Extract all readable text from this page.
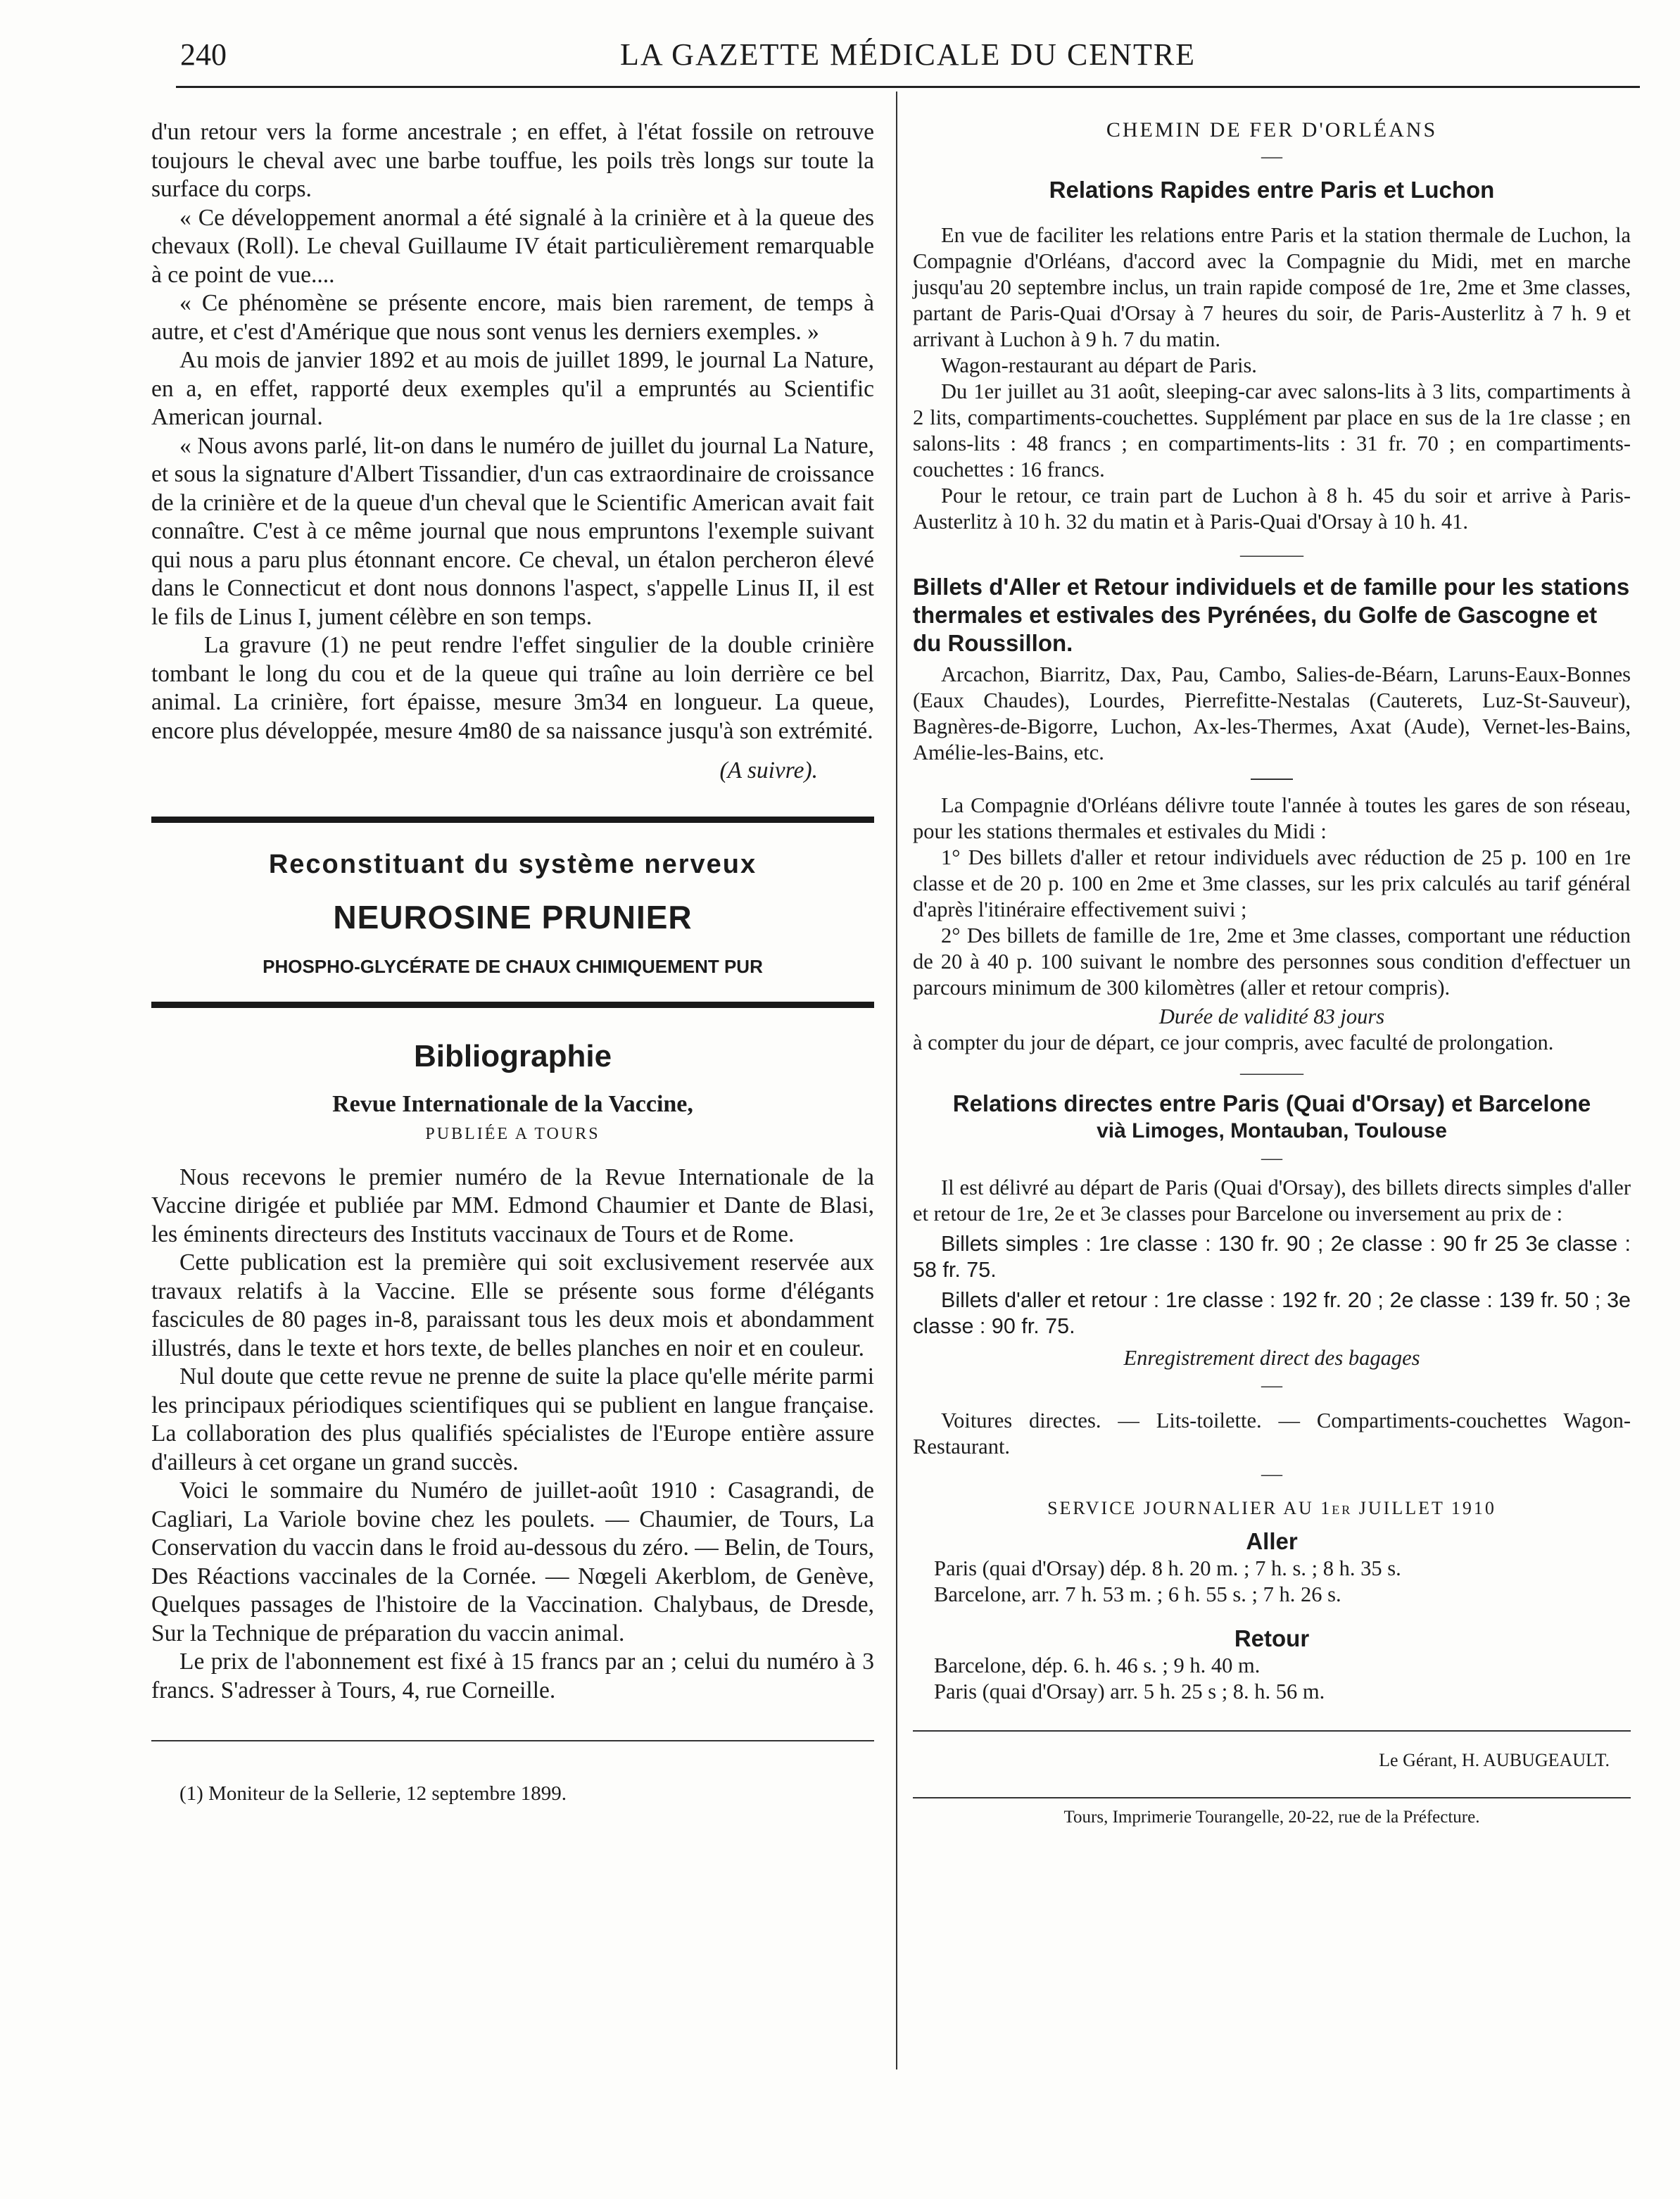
240	LA GAZETTE MÉDICALE DU CENTRE

d'un retour vers la forme ancestrale ; en effet, à l'état fossile on retrouve toujours le cheval avec une barbe touffue, les poils très longs sur toute la surface du corps.

« Ce développement anormal a été signalé à la crinière et à la queue des chevaux (Roll). Le cheval Guillaume IV était particulièrement remarquable à ce point de vue....

« Ce phénomène se présente encore, mais bien rarement, de temps à autre, et c'est d'Amérique que nous sont venus les derniers exemples. »

Au mois de janvier 1892 et au mois de juillet 1899, le journal La Nature, en a, en effet, rapporté deux exemples qu'il a empruntés au Scientific American journal.

« Nous avons parlé, lit-on dans le numéro de juillet du journal La Nature, et sous la signature d'Albert Tissandier, d'un cas extraordinaire de croissance de la crinière et de la queue d'un cheval que le Scientific American avait fait connaître. C'est à ce même journal que nous empruntons l'exemple suivant qui nous a paru plus étonnant encore. Ce cheval, un étalon percheron élevé dans le Connecticut et dont nous donnons l'aspect, s'appelle Linus II, il est le fils de Linus I, jument célèbre en son temps.

La gravure (1) ne peut rendre l'effet singulier de la double crinière tombant le long du cou et de la queue qui traîne au loin derrière ce bel animal. La crinière, fort épaisse, mesure 3m34 en longueur. La queue, encore plus développée, mesure 4m80 de sa naissance jusqu'à son extrémité.

(A suivre).

Reconstituant du système nerveux
NEUROSINE PRUNIER
PHOSPHO-GLYCÉRATE DE CHAUX CHIMIQUEMENT PUR
Bibliographie
Revue Internationale de la Vaccine,
PUBLIÉE A TOURS

Nous recevons le premier numéro de la Revue Internationale de la Vaccine dirigée et publiée par MM. Edmond Chaumier et Dante de Blasi, les éminents directeurs des Instituts vaccinaux de Tours et de Rome.

Cette publication est la première qui soit exclusivement reservée aux travaux relatifs à la Vaccine. Elle se présente sous forme d'élégants fascicules de 80 pages in-8, paraissant tous les deux mois et abondamment illustrés, dans le texte et hors texte, de belles planches en noir et en couleur.

Nul doute que cette revue ne prenne de suite la place qu'elle mérite parmi les principaux périodiques scientifiques qui se publient en langue française. La collaboration des plus qualifiés spécialistes de l'Europe entière assure d'ailleurs à cet organe un grand succès.

Voici le sommaire du Numéro de juillet-août 1910 : Casagrandi, de Cagliari, La Variole bovine chez les poulets. — Chaumier, de Tours, La Conservation du vaccin dans le froid au-dessous du zéro. — Belin, de Tours, Des Réactions vaccinales de la Cornée. — Nœgeli Akerblom, de Genève, Quelques passages de l'histoire de la Vaccination. Chalybaus, de Dresde, Sur la Technique de préparation du vaccin animal.

Le prix de l'abonnement est fixé à 15 francs par an ; celui du numéro à 3 francs. S'adresser à Tours, 4, rue Corneille.

(1) Moniteur de la Sellerie, 12 septembre 1899.

CHEMIN DE FER D'ORLÉANS
—
Relations Rapides entre Paris et Luchon

En vue de faciliter les relations entre Paris et la station thermale de Luchon, la Compagnie d'Orléans, d'accord avec la Compagnie du Midi, met en marche jusqu'au 20 septembre inclus, un train rapide composé de 1re, 2me et 3me classes, partant de Paris-Quai d'Orsay à 7 heures du soir, de Paris-Austerlitz à 7 h. 9 et arrivant à Luchon à 9 h. 7 du matin.

Wagon-restaurant au départ de Paris.

Du 1er juillet au 31 août, sleeping-car avec salons-lits à 3 lits, compartiments à 2 lits, compartiments-couchettes. Supplément par place en sus de la 1re classe ; en salons-lits : 48 francs ; en compartiments-lits : 31 fr. 70 ; en compartiments-couchettes : 16 francs.

Pour le retour, ce train part de Luchon à 8 h. 45 du soir et arrive à Paris-Austerlitz à 10 h. 32 du matin et à Paris-Quai d'Orsay à 10 h. 41.

———

Billets d'Aller et Retour individuels et de famille pour les stations thermales et estivales des Pyrénées, du Golfe de Gascogne et du Roussillon.

Arcachon, Biarritz, Dax, Pau, Cambo, Salies-de-Béarn, Laruns-Eaux-Bonnes (Eaux Chaudes), Lourdes, Pierrefitte-Nestalas (Cauterets, Luz-St-Sauveur), Bagnères-de-Bigorre, Luchon, Ax-les-Thermes, Axat (Aude), Vernet-les-Bains, Amélie-les-Bains, etc.

La Compagnie d'Orléans délivre toute l'année à toutes les gares de son réseau, pour les stations thermales et estivales du Midi :

1° Des billets d'aller et retour individuels avec réduction de 25 p. 100 en 1re classe et de 20 p. 100 en 2me et 3me classes, sur les prix calculés au tarif général d'après l'itinéraire effectivement suivi ;

2° Des billets de famille de 1re, 2me et 3me classes, comportant une réduction de 20 à 40 p. 100 suivant le nombre des personnes sous condition d'effectuer un parcours minimum de 300 kilomètres (aller et retour compris).

Durée de validité 83 jours

à compter du jour de départ, ce jour compris, avec faculté de prolongation.

———

Relations directes entre Paris (Quai d'Orsay) et Barcelone

vià Limoges, Montauban, Toulouse

—

Il est délivré au départ de Paris (Quai d'Orsay), des billets directs simples d'aller et retour de 1re, 2e et 3e classes pour Barcelone ou inversement au prix de :

Billets simples : 1re classe : 130 fr. 90 ; 2e classe : 90 fr 25 3e classe : 58 fr. 75.

Billets d'aller et retour : 1re classe : 192 fr. 20 ; 2e classe : 139 fr. 50 ; 3e classe : 90 fr. 75.

Enregistrement direct des bagages

—

Voitures directes. — Lits-toilette. — Compartiments-couchettes Wagon-Restaurant.

—
SERVICE JOURNALIER AU 1er JUILLET 1910
Aller

Paris (quai d'Orsay) dép. 8 h. 20 m. ; 7 h. s. ; 8 h. 35 s.

Barcelone, arr. 7 h. 53 m. ; 6 h. 55 s. ; 7 h. 26 s.

Retour

Barcelone, dép. 6. h. 46 s. ; 9 h. 40 m.

Paris (quai d'Orsay) arr. 5 h. 25 s ; 8. h. 56 m.

Le Gérant, H. AUBUGEAULT.

Tours, Imprimerie Tourangelle, 20-22, rue de la Préfecture.
